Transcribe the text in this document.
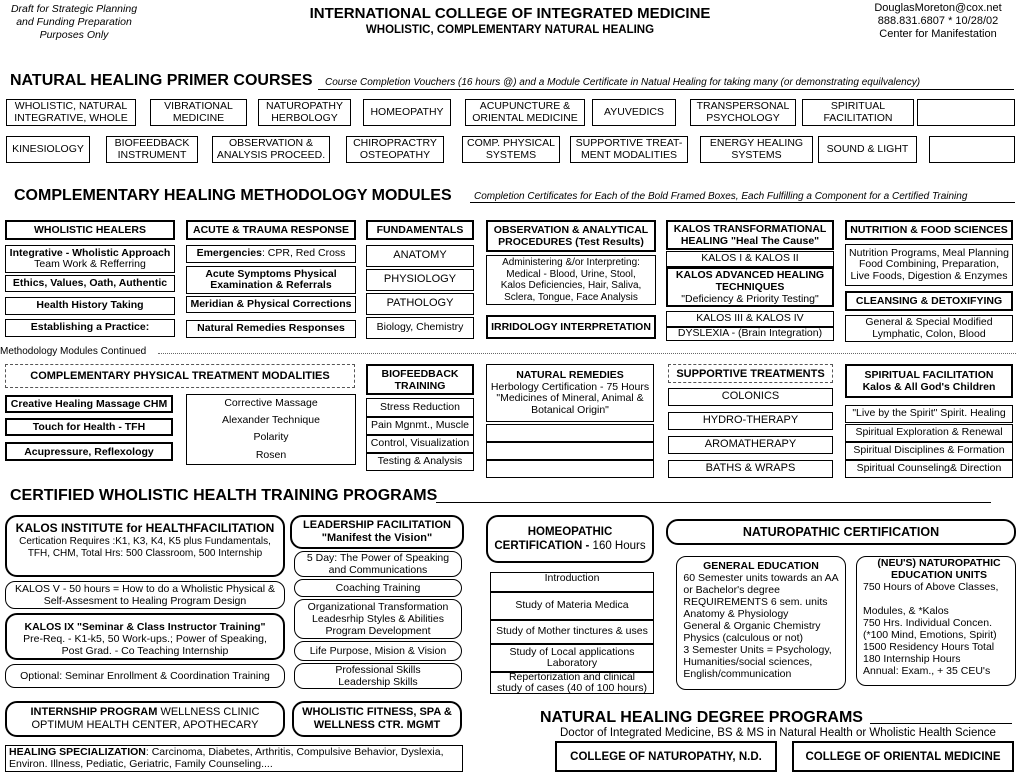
Draft for Strategic Planning
and Funding Preparation
Purposes Only
INTERNATIONAL COLLEGE OF INTEGRATED MEDICINE
WHOLISTIC, COMPLEMENTARY NATURAL HEALING
DouglasMoreton@cox.net
888.831.6807 * 10/28/02
Center for Manifestation
NATURAL HEALING PRIMER COURSES Course Completion Vouchers (16 hours @) and a Module Certificate in Natual Healing for taking many (or demonstrating equilvalency)
WHOLISTIC, NATURAL
INTEGRATIVE, WHOLE
VIBRATIONAL
MEDICINE
NATUROPATHY
HERBOLOGY	HOMEOPATHY	ACUPUNCTURE &
ORIENTAL MEDICINE	AYUVEDICS	TRANSPERSONAL
PSYCHOLOGY
SPIRITUAL
FACILITATION
KINESIOLOGY	BIOFEEDBACK
INSTRUMENT
OBSERVATION &
ANALYSIS PROCEED.
CHIROPRACTRY
OSTEOPATHY
COMP. PHYSICAL
SYSTEMS
SUPPORTIVE TREAT-
MENT MODALITIES
ENERGY HEALING
SYSTEMS	SOUND & LIGHT
COMPLEMENTARY HEALING METHODOLOGY MODULES Completion Certificates for Each of the Bold Framed Boxes, Each Fulfilling a Component for a Certified Training
WHOLISTIC HEALERS
Integrative - Wholistic Approach
Team Work & Refferring
Ethics, Values, Oath, Authentic
Health History Taking
Establishing a Practice:
ACUTE & TRAUMA RESPONSE
Emergencies : CPR, Red Cross
Acute Symptoms Physical
Examination & Referrals
Meridian & Physical Corrections
Natural Remedies Responses
FUNDAMENTALS
ANATOMY
PHYSIOLOGY
PATHOLOGY
Biology, Chemistry
OBSERVATION & ANALYTICAL
PROCEDURES (Test Results)
Administering &/or Interpreting:
Medical - Blood, Urine, Stool,
Kalos Deficiencies, Hair, Saliva,
Sclera, Tongue, Face Analysis
IRRIDOLOGY INTERPRETATION
KALOS TRANSFORMATIONAL
HEALING "Heal The Cause"
KALOS I & KALOS II
KALOS ADVANCED HEALING
TECHNIQUES
"Deficiency & Priority Testing"
KALOS III & KALOS IV
DYSLEXIA - (Brain Integration)
NUTRITION & FOOD SCIENCES
Nutrition Programs, Meal Planning
Food Combining, Preparation,
Live Foods, Digestion & Enzymes
CLEANSING & DETOXIFYING
General & Special Modified
Lymphatic, Colon, Blood
Methodology Modules Continued
COMPLEMENTARY PHYSICAL TREATMENT MODALITIES
Creative Healing Massage CHM
Touch for Health - TFH
Acupressure, Reflexology
Corrective Massage
Alexander Technique
Polarity
Rosen
BIOFEEDBACK
TRAINING
Stress Reduction
Pain Mgnmt., Muscle
Control, Visualization
Testing & Analysis
NATURAL REMEDIES
Herbology Certification - 75 Hours
"Medicines of Mineral, Animal &
Botanical Origin"
SUPPORTIVE TREATMENTS
COLONICS
HYDRO-THERAPY
AROMATHERAPY
BATHS & WRAPS
SPIRITUAL FACILITATION
Kalos & All God's Children
"Live by the Spirit" Spirit. Healing
Spiritual Exploration & Renewal
Spiritual Disciplines & Formation
Spiritual Counseling& Direction
CERTIFIED WHOLISTIC HEALTH TRAINING PROGRAMS
KALOS INSTITUTE for HEALTHFACILITATION
Certication Requires :K1, K3, K4, K5 plus Fundamentals,
TFH, CHM, Total Hrs: 500 Classroom, 500 Internship
KALOS V - 50 hours = How to do a Wholistic Physical &
Self-Assesment to Healing Program Design
KALOS IX "Seminar & Class Instructor Training"
Pre-Req. - K1-k5, 50 Work-ups.; Power of Speaking,
Post Grad. - Co Teaching Internship
Optional: Seminar Enrollment & Coordination Training
LEADERSHIP FACILITATION
"Manifest the Vision"
5 Day: The Power of Speaking
and Communications
Coaching Training
Organizational Transformation
Leadesrhip Styles & Abilities
Program Development
Life Purpose, Mision & Vision
Professional Skills
Leadership Skills
INTERNSHIP PROGRAM WELLNESS CLINIC
OPTIMUM HEALTH CENTER, APOTHECARY
WHOLISTIC FITNESS, SPA &
WELLNESS CTR. MGMT
HEALING SPECIALIZATION: Carcinoma, Diabetes, Arthritis, Compulsive Behavior, Dyslexia,
Environ. Illness, Pediatic, Geriatric, Family Counseling....
HOMEOPATHIC
CERTIFICATION - 160 Hours
Introduction
Study of Materia Medica
Study of Mother tinctures & uses
Study of Local applications
Laboratory
Repertorization and clinical
study of cases (40 of 100 hours)
NATUROPATHIC CERTIFICATION
GENERAL EDUCATION
60 Semester units towards an AA
or Bachelor's degree
REQUIREMENTS 6 sem. units
Anatomy & Physiology
General & Organic Chemistry
Physics (calculous or not)
3 Semester Units = Psychology,
Humanities/social sciences,
English/communication
(NEU'S) NATUROPATHIC
EDUCATION UNITS
750 Hours of Above Classes,

Modules, & *Kalos
750 Hrs. Individual Concen.
(*100 Mind, Emotions, Spirit)
1500 Residency Hours Total
180 Internship Hours
Annual: Exam., + 35 CEU's
NATURAL HEALING DEGREE PROGRAMS
Doctor of Integrated Medicine, BS & MS in Natural Health or Wholistic Health Science
COLLEGE OF NATUROPATHY, N.D.	COLLEGE OF ORIENTAL MEDICINE
